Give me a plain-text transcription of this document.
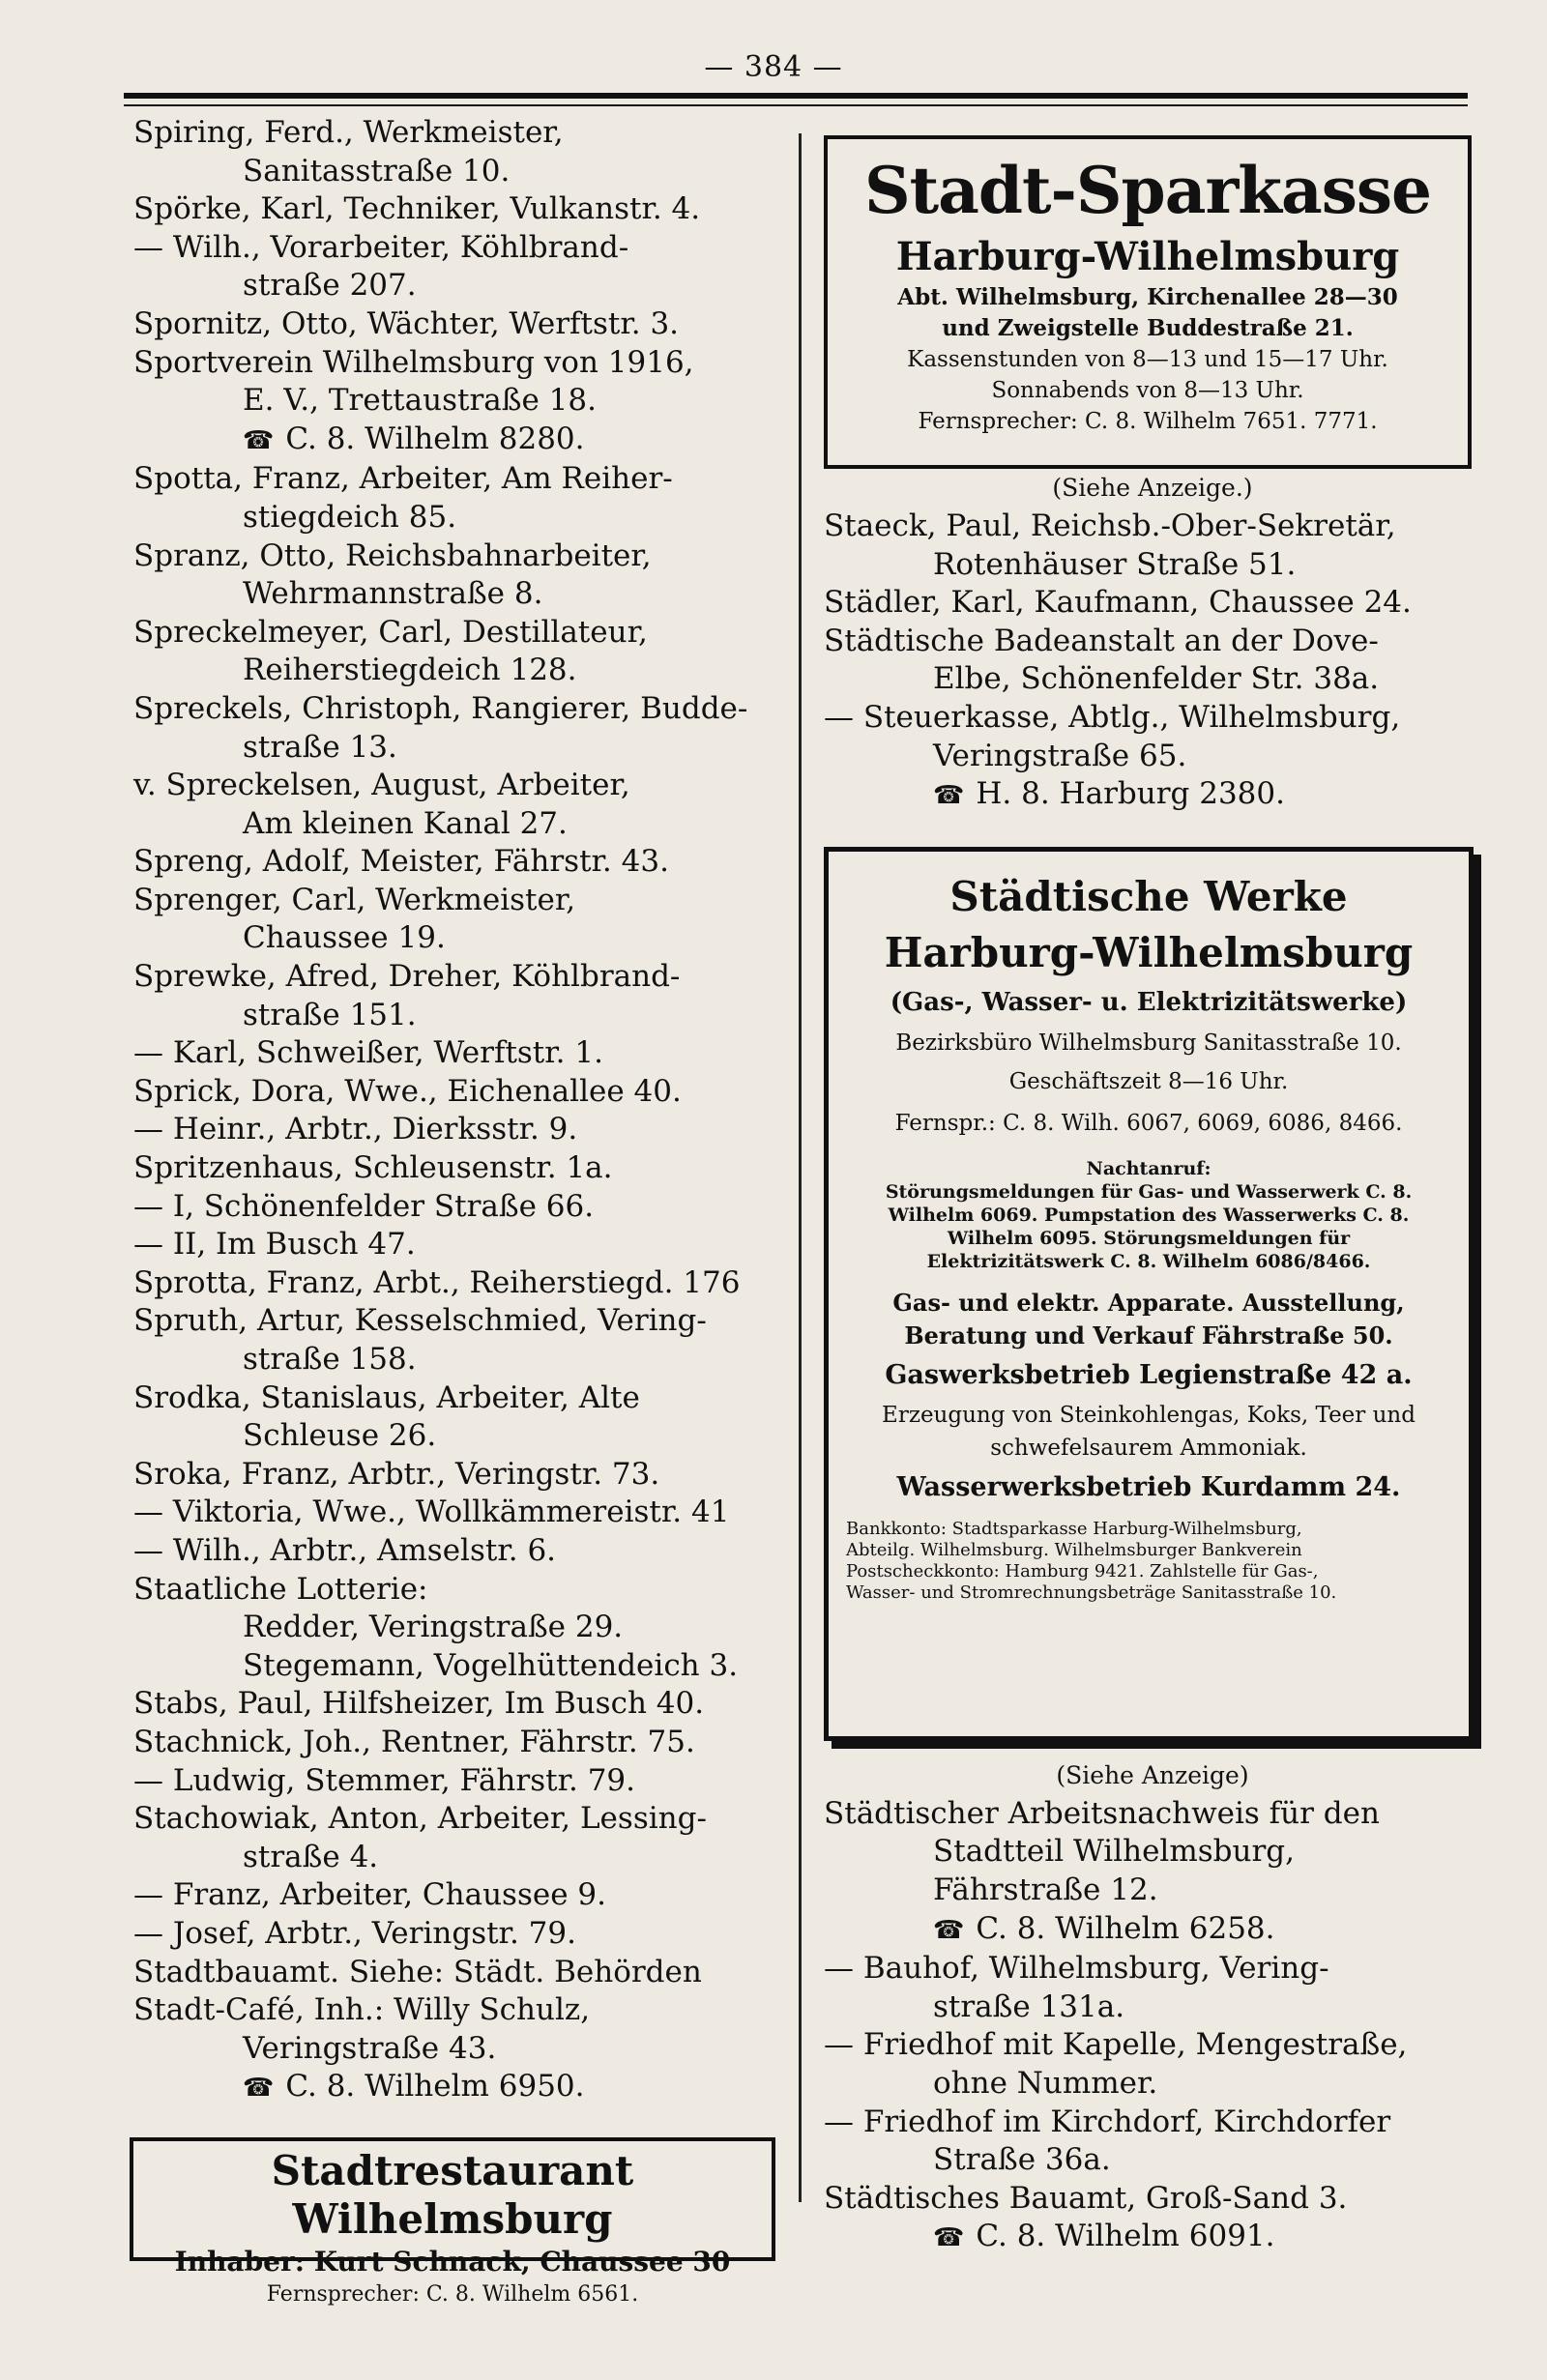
— 384 —
Spiring, Ferd., Werkmeister,
Sanitasstraße 10.
Spörke, Karl, Techniker, Vulkanstr. 4.
— Wilh., Vorarbeiter, Köhlbrand-
straße 207.
Spornitz, Otto, Wächter, Werftstr. 3.
Sportverein Wilhelmsburg von 1916,
E. V., Trettaustraße 18.
☎ C. 8. Wilhelm 8280.
Spotta, Franz, Arbeiter, Am Reiher-
stiegdeich 85.
Spranz, Otto, Reichsbahnarbeiter,
Wehrmannstraße 8.
Spreckelmeyer, Carl, Destillateur,
Reiherstiegdeich 128.
Spreckels, Christoph, Rangierer, Budde-
straße 13.
v. Spreckelsen, August, Arbeiter,
Am kleinen Kanal 27.
Spreng, Adolf, Meister, Fährstr. 43.
Sprenger, Carl, Werkmeister,
Chaussee 19.
Sprewke, Afred, Dreher, Köhlbrand-
straße 151.
— Karl, Schweißer, Werftstr. 1.
Sprick, Dora, Wwe., Eichenallee 40.
— Heinr., Arbtr., Dierksstr. 9.
Spritzenhaus, Schleusenstr. 1a.
— I, Schönenfelder Straße 66.
— II, Im Busch 47.
Sprotta, Franz, Arbt., Reiherstiegd. 176
Spruth, Artur, Kesselschmied, Vering-
straße 158.
Srodka, Stanislaus, Arbeiter, Alte
Schleuse 26.
Sroka, Franz, Arbtr., Veringstr. 73.
— Viktoria, Wwe., Wollkämmereistr. 41
— Wilh., Arbtr., Amselstr. 6.
Staatliche Lotterie:
Redder, Veringstraße 29.
Stegemann, Vogelhüttendeich 3.
Stabs, Paul, Hilfsheizer, Im Busch 40.
Stachnick, Joh., Rentner, Fährstr. 75.
— Ludwig, Stemmer, Fährstr. 79.
Stachowiak, Anton, Arbeiter, Lessing-
straße 4.
— Franz, Arbeiter, Chaussee 9.
— Josef, Arbtr., Veringstr. 79.
Stadtbauamt. Siehe: Städt. Behörden
Stadt-Café, Inh.: Willy Schulz,
Veringstraße 43.
☎ C. 8. Wilhelm 6950.
Stadtrestaurant Wilhelmsburg
Inhaber: Kurt Schnack, Chaussee 30
Fernsprecher: C. 8. Wilhelm 6561.
Stadt-Sparkasse
Harburg-Wilhelmsburg
Abt. Wilhelmsburg, Kirchenallee 28—30
und Zweigstelle Buddestraße 21.
Kassenstunden von 8—13 und 15—17 Uhr.
Sonnabends von 8—13 Uhr.
Fernsprecher: C. 8. Wilhelm 7651. 7771.
(Siehe Anzeige.)
Staeck, Paul, Reichsb.-Ober-Sekretär,
Rotenhäuser Straße 51.
Städler, Karl, Kaufmann, Chaussee 24.
Städtische Badeanstalt an der Dove-
Elbe, Schönenfelder Str. 38a.
— Steuerkasse, Abtlg., Wilhelmsburg,
Veringstraße 65.
☎ H. 8. Harburg 2380.
Städtische Werke
Harburg-Wilhelmsburg
(Gas-, Wasser- u. Elektrizitätswerke)
Bezirksbüro Wilhelmsburg Sanitasstraße 10.
Geschäftszeit 8—16 Uhr.
Fernspr.: C. 8. Wilh. 6067, 6069, 6086, 8466.
Nachtanruf:
Störungsmeldungen für Gas- und Wasserwerk C. 8. Wilhelm 6069. Pumpstation des Wasserwerks C. 8. Wilhelm 6095. Störungsmeldungen für Elektrizitätswerk C. 8. Wilhelm 6086/8466.
Gas- und elektr. Apparate. Ausstellung, Beratung und Verkauf Fährstraße 50.
Gaswerksbetrieb Legienstraße 42 a.
Erzeugung von Steinkohlengas, Koks, Teer und schwefelsaurem Ammoniak.
Wasserwerksbetrieb Kurdamm 24.
Bankkonto: Stadtsparkasse Harburg-Wilhelmsburg,
Abteilg. Wilhelmsburg. Wilhelmsburger Bankverein
Postscheckkonto: Hamburg 9421. Zahlstelle für Gas-,
Wasser- und Stromrechnungsbeträge Sanitasstraße 10.
(Siehe Anzeige)
Städtischer Arbeitsnachweis für den
Stadtteil Wilhelmsburg,
Fährstraße 12.
☎ C. 8. Wilhelm 6258.
— Bauhof, Wilhelmsburg, Vering-
straße 131a.
— Friedhof mit Kapelle, Mengestraße,
ohne Nummer.
— Friedhof im Kirchdorf, Kirchdorfer
Straße 36a.
Städtisches Bauamt, Groß-Sand 3.
☎ C. 8. Wilhelm 6091.
